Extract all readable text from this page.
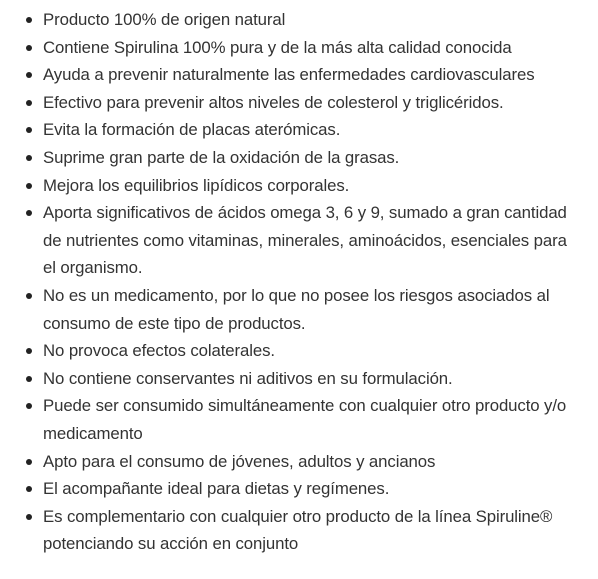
Producto 100% de origen natural
Contiene Spirulina 100% pura y de la más alta calidad conocida
Ayuda a prevenir naturalmente las enfermedades cardiovasculares
Efectivo para prevenir altos niveles de colesterol y triglicéridos.
Evita la formación de placas aterómicas.
Suprime gran parte de la oxidación de la grasas.
Mejora los equilibrios lipídicos corporales.
Aporta significativos de ácidos omega 3, 6 y 9, sumado a gran cantidad de nutrientes como vitaminas, minerales, aminoácidos, esenciales para el organismo.
No es un medicamento, por lo que no posee los riesgos asociados al consumo de este tipo de productos.
No provoca efectos colaterales.
No contiene conservantes ni aditivos en su formulación.
Puede ser consumido simultáneamente con cualquier otro producto y/o medicamento
Apto para el consumo de jóvenes, adultos y ancianos
El acompañante ideal para dietas y regímenes.
Es complementario con cualquier otro producto de la línea Spiruline® potenciando su acción en conjunto
